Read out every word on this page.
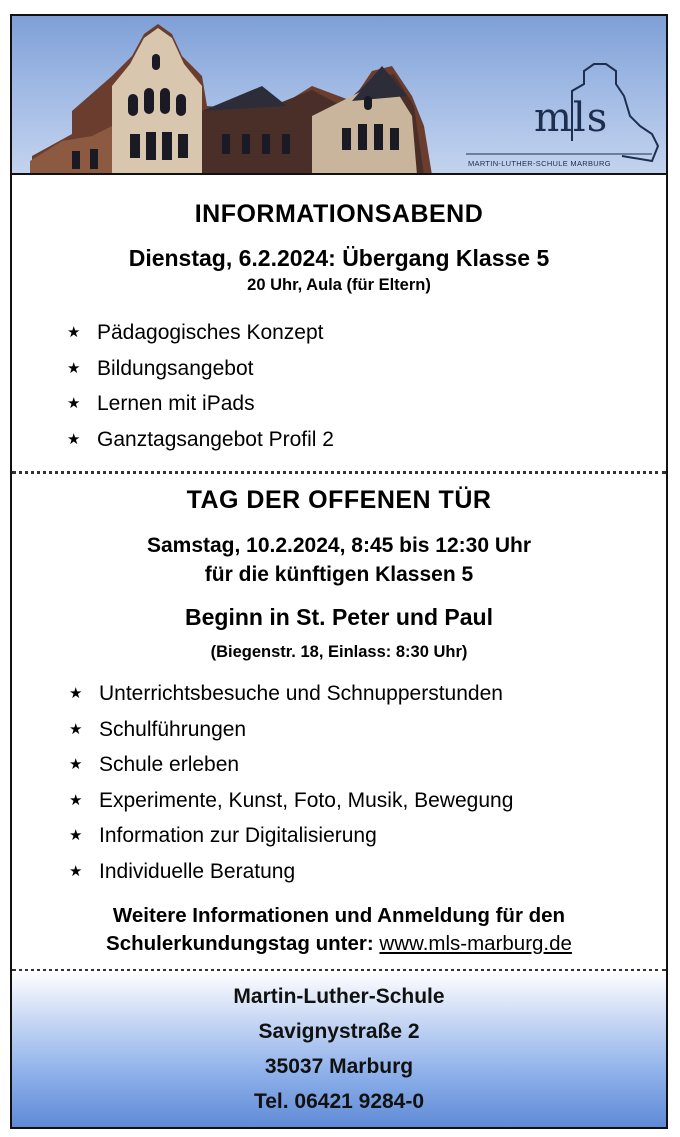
mls
MARTIN-LUTHER-SCHULE MARBURG
INFORMATIONSABEND
Dienstag, 6.2.2024: Übergang Klasse 5
20 Uhr, Aula (für Eltern)
★ Pädagogisches Konzept
★ Bildungsangebot
★ Lernen mit iPads
★ Ganztagsangebot Profil 2
TAG DER OFFENEN TÜR
Samstag, 10.2.2024, 8:45 bis 12:30 Uhr
für die künftigen Klassen 5
Beginn in St. Peter und Paul
(Biegenstr. 18, Einlass: 8:30 Uhr)
★ Unterrichtsbesuche und Schnupperstunden
★ Schulführungen
★ Schule erleben
★ Experimente, Kunst, Foto, Musik, Bewegung
★ Information zur Digitalisierung
★ Individuelle Beratung
Weitere Informationen und Anmeldung für den
Schulerkundungstag unter: www.mls-marburg.de
Martin-Luther-Schule
Savignystraße 2
35037 Marburg
Tel. 06421 9284-0
